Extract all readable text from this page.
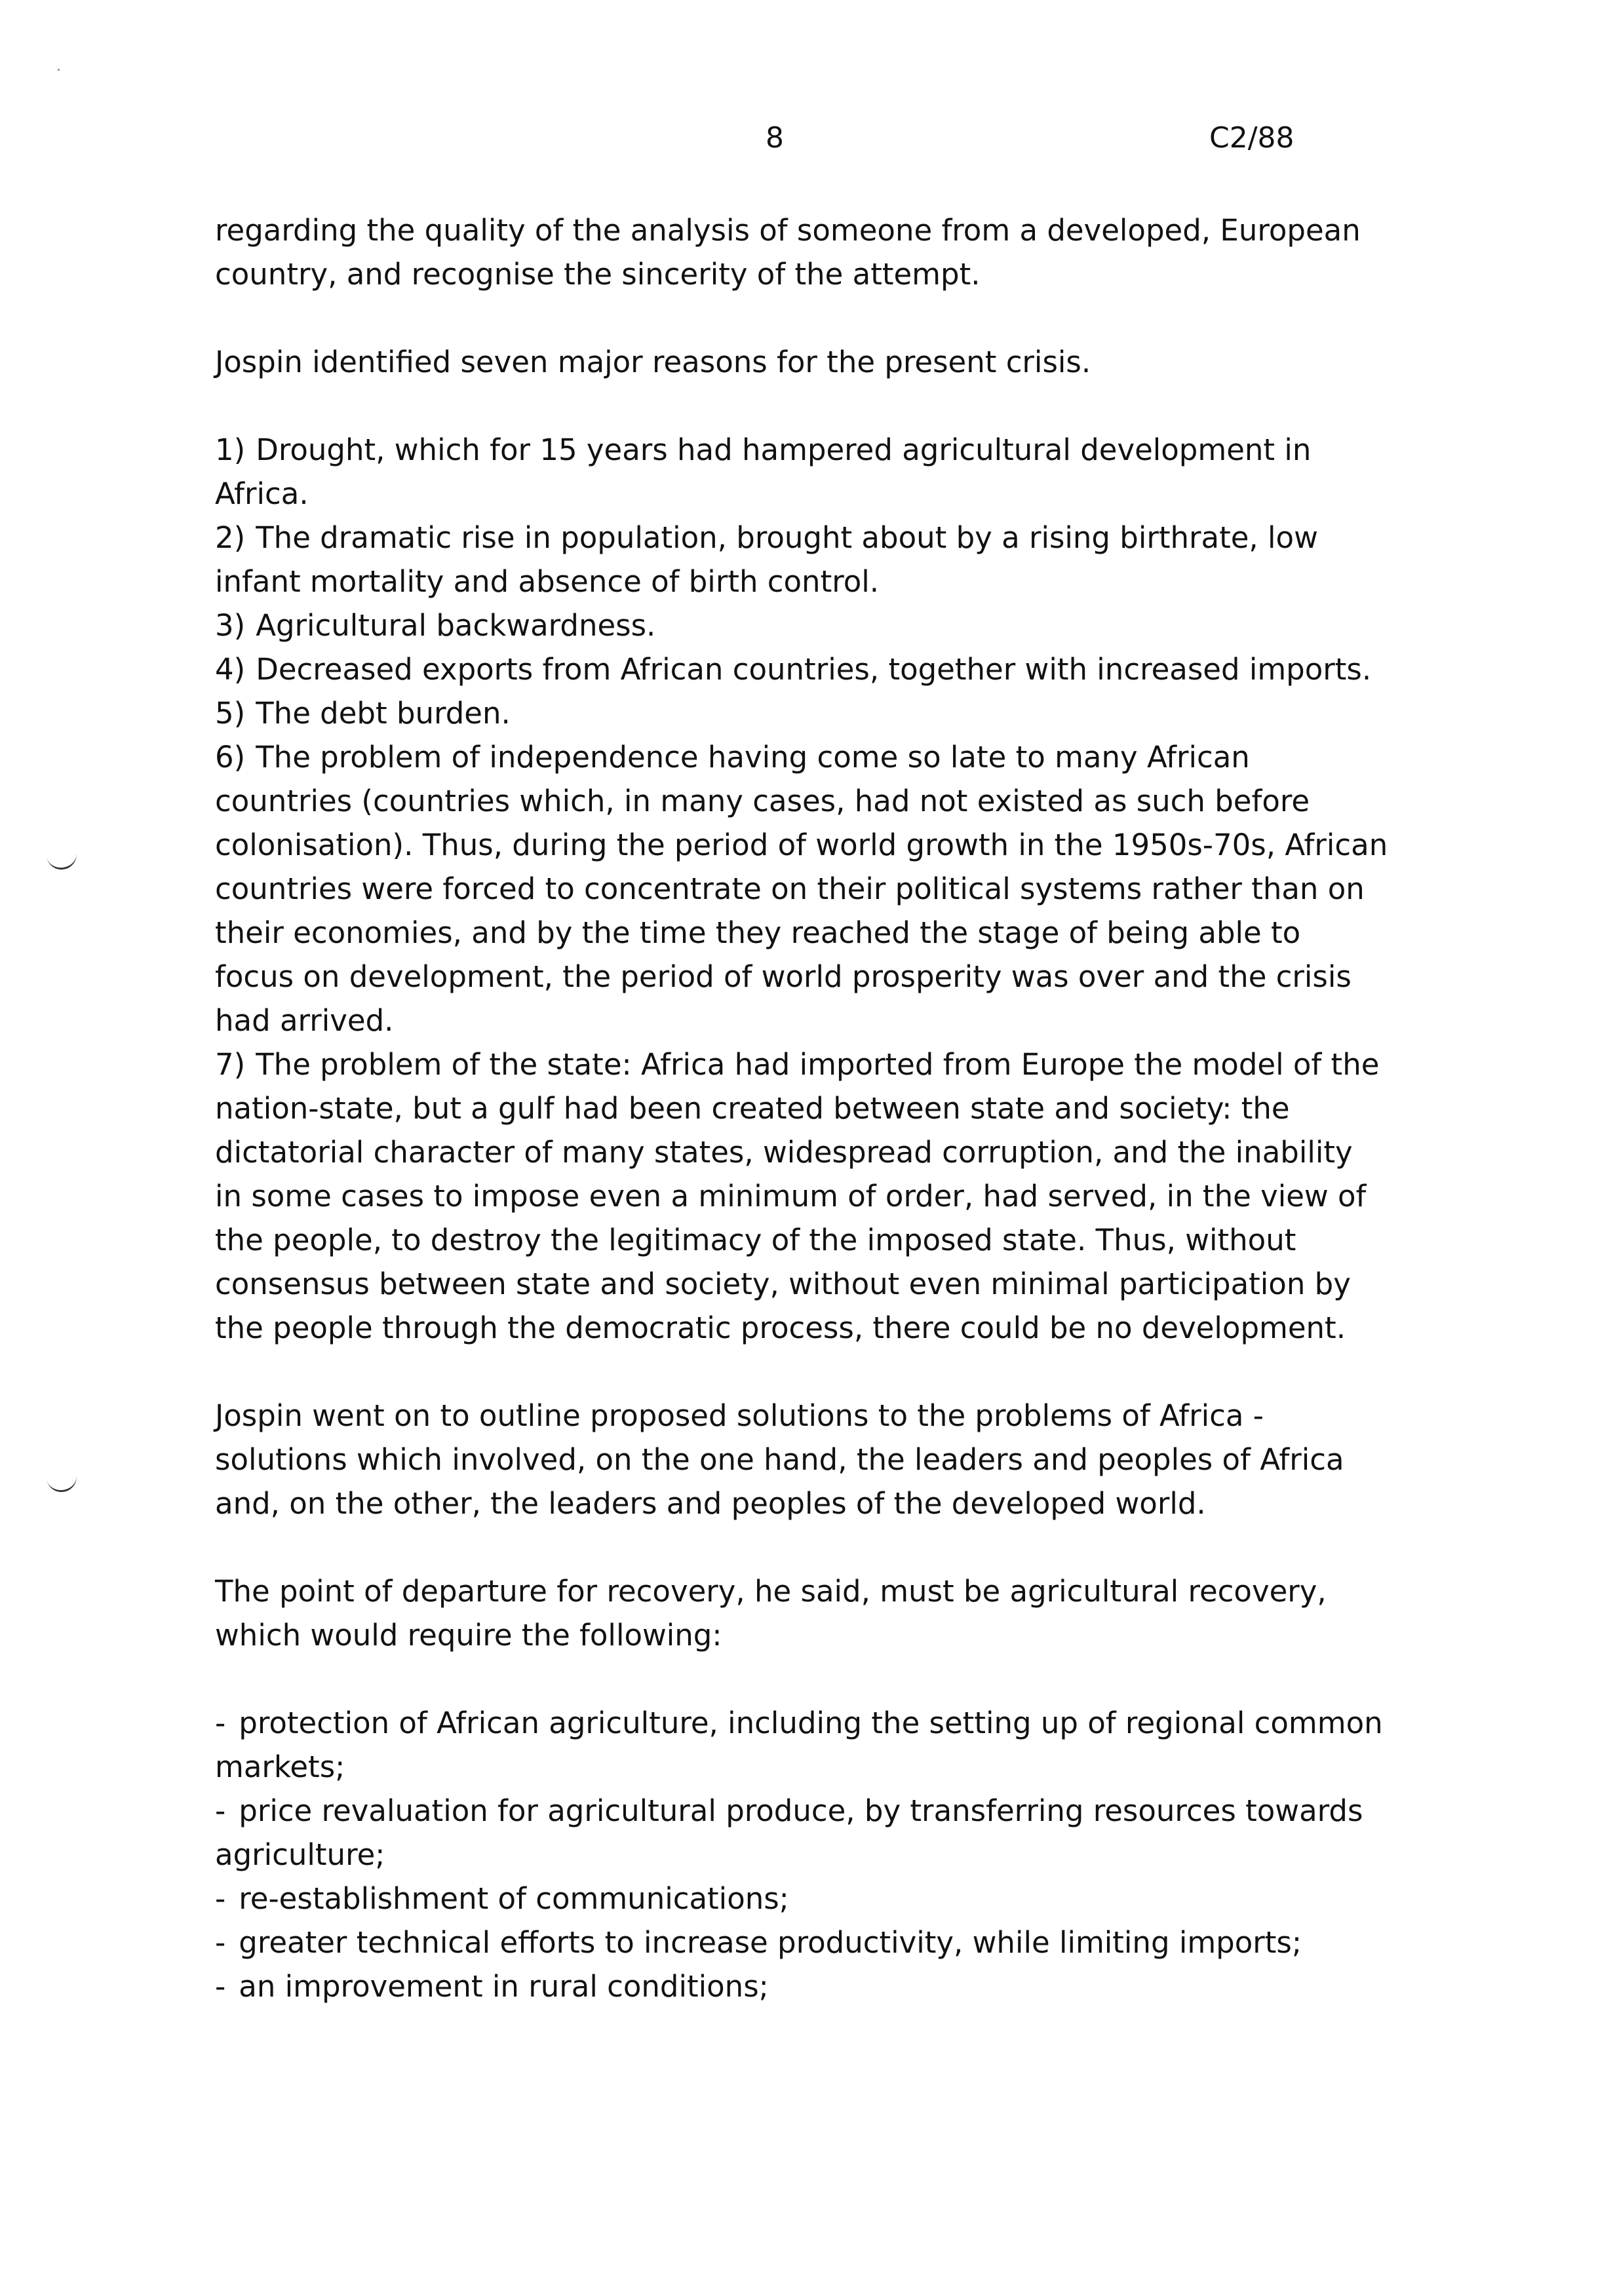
8	C2/88

regarding the quality of the analysis of someone from a developed, European country, and recognise the sincerity of the attempt.

Jospin identified seven major reasons for the present crisis.

1) Drought, which for 15 years had hampered agricultural development in Africa.
2) The dramatic rise in population, brought about by a rising birthrate, low infant mortality and absence of birth control.
3) Agricultural backwardness.
4) Decreased exports from African countries, together with increased imports.
5) The debt burden.
6) The problem of independence having come so late to many African countries (countries which, in many cases, had not existed as such before colonisation). Thus, during the period of world growth in the 1950s-70s, African countries were forced to concentrate on their political systems rather than on their economies, and by the time they reached the stage of being able to focus on development, the period of world prosperity was over and the crisis had arrived.
7) The problem of the state: Africa had imported from Europe the model of the nation-state, but a gulf had been created between state and society: the dictatorial character of many states, widespread corruption, and the inability in some cases to impose even a minimum of order, had served, in the view of the people, to destroy the legitimacy of the imposed state. Thus, without consensus between state and society, without even minimal participation by the people through the democratic process, there could be no development.

Jospin went on to outline proposed solutions to the problems of Africa - solutions which involved, on the one hand, the leaders and peoples of Africa and, on the other, the leaders and peoples of the developed world.

The point of departure for recovery, he said, must be agricultural recovery, which would require the following:

- protection of African agriculture, including the setting up of regional common markets;
- price revaluation for agricultural produce, by transferring resources towards agriculture;
- re-establishment of communications;
- greater technical efforts to increase productivity, while limiting imports;
- an improvement in rural conditions;
